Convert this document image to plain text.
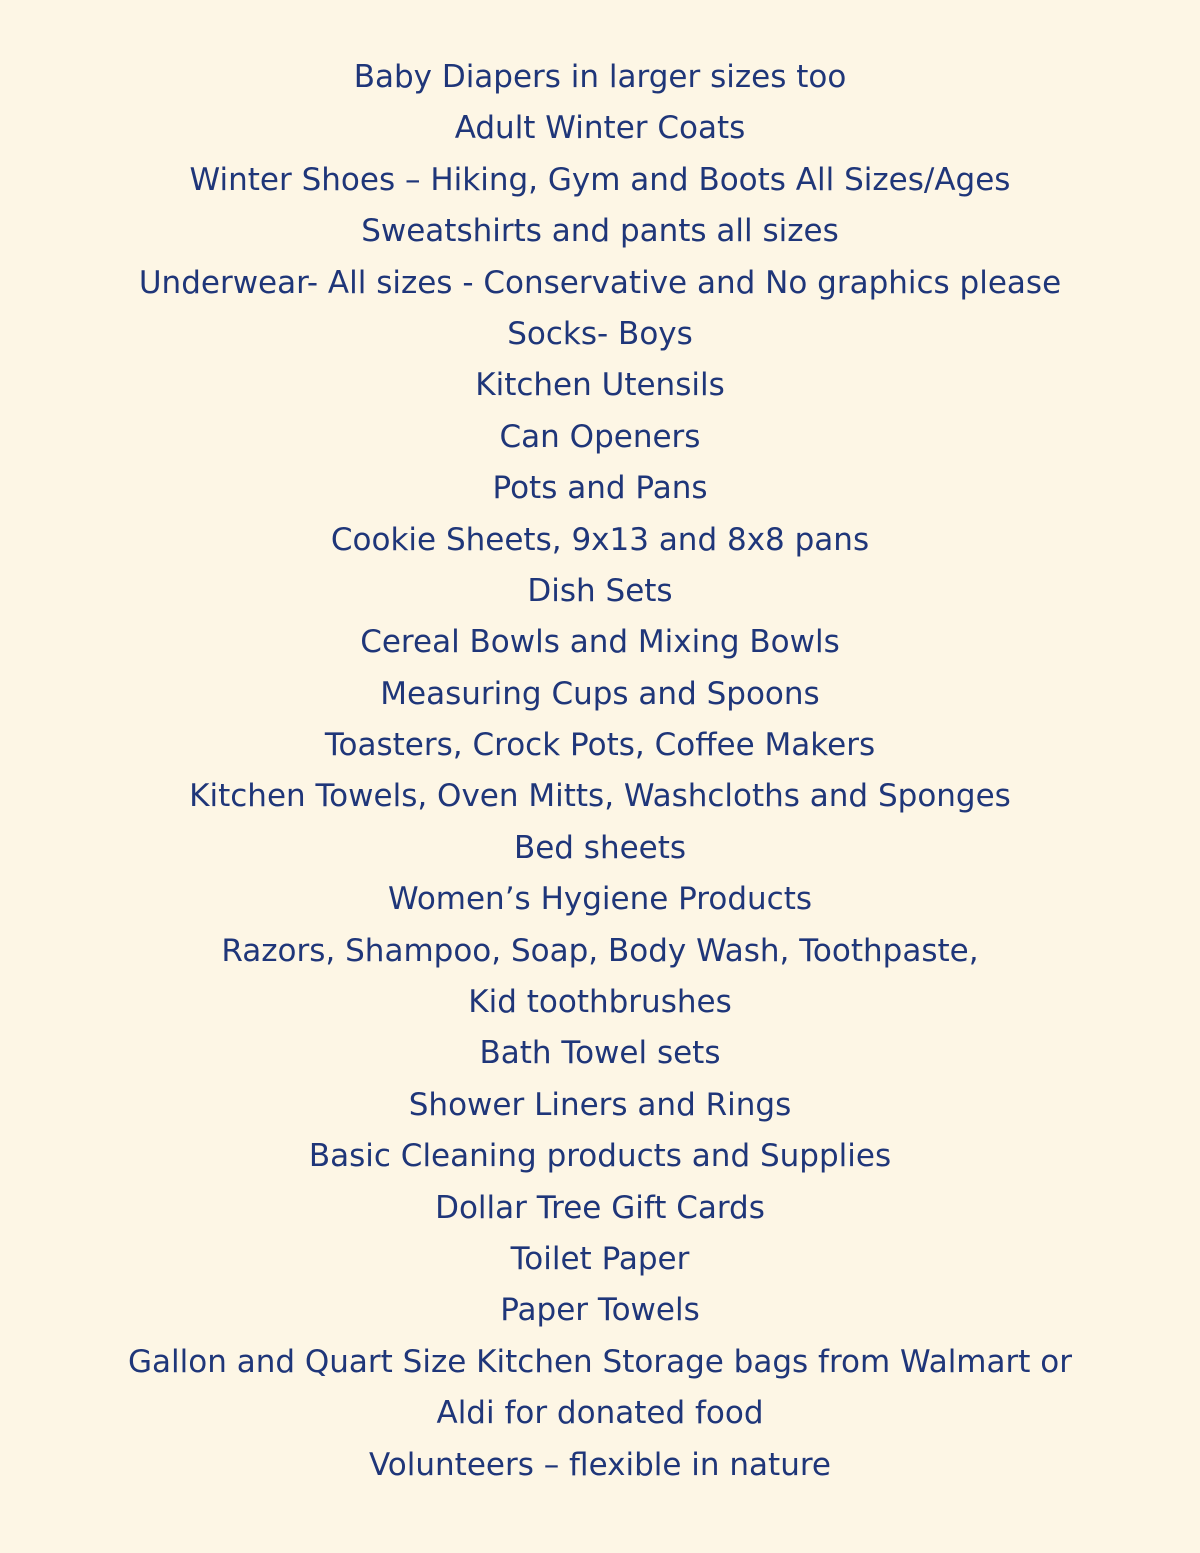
Baby Diapers in larger sizes too
Adult Winter Coats
Winter Shoes – Hiking, Gym and Boots All Sizes/Ages
Sweatshirts and pants all sizes
Underwear- All sizes - Conservative and No graphics please
Socks- Boys
Kitchen Utensils
Can Openers
Pots and Pans
Cookie Sheets, 9x13 and 8x8 pans
Dish Sets
Cereal Bowls and Mixing Bowls
Measuring Cups and Spoons
Toasters, Crock Pots, Coffee Makers
Kitchen Towels, Oven Mitts, Washcloths and Sponges
Bed sheets
Women’s Hygiene Products
Razors, Shampoo, Soap, Body Wash, Toothpaste,
Kid toothbrushes
Bath Towel sets
Shower Liners and Rings
Basic Cleaning products and Supplies
Dollar Tree Gift Cards
Toilet Paper
Paper Towels
Gallon and Quart Size Kitchen Storage bags from Walmart or
Aldi for donated food
Volunteers – flexible in nature
